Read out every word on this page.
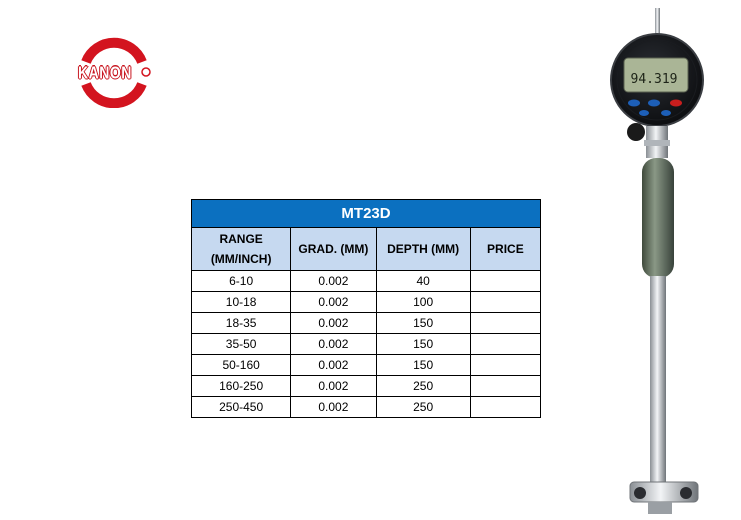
KANON
MT23D			
RANGE
(MM/INCH)	GRAD. (MM)	DEPTH (MM)	PRICE
6-10	0.002	40	
10-18	0.002	100	
18-35	0.002	150	
35-50	0.002	150	
50-160	0.002	150	
160-250	0.002	250	
250-450	0.002	250	
94.319
